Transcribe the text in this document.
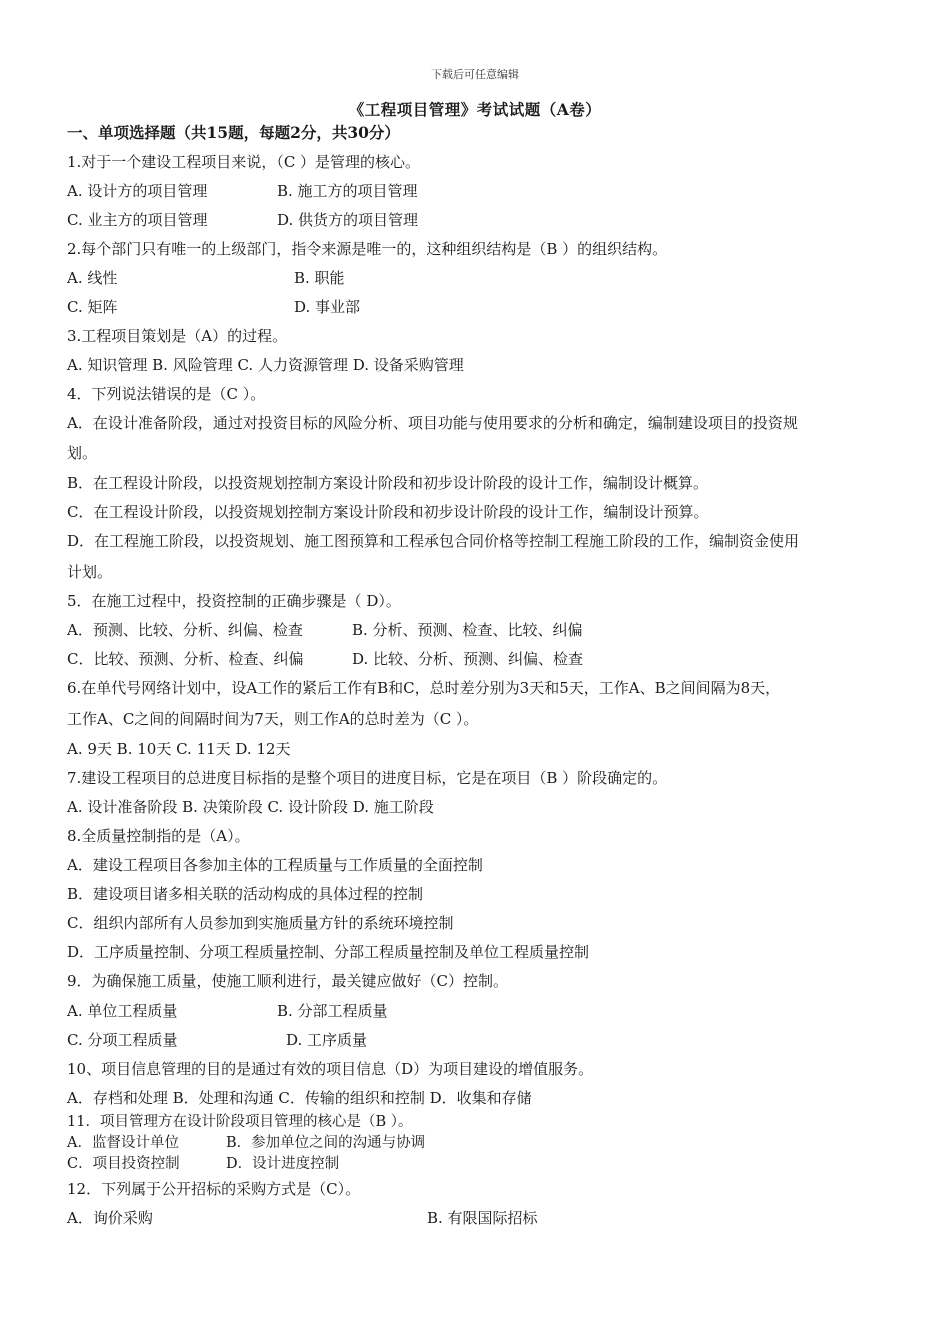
下载后可任意编辑
《工程项目管理》考试试题（A卷）
一、单项选择题（共15题，每题2分，共30分）
1.对于一个建设工程项目来说，（C ）是管理的核心。
A. 设计方的项目管理	B. 施工方的项目管理
C. 业主方的项目管理	D. 供货方的项目管理
2.每个部门只有唯一的上级部门，指令来源是唯一的，这种组织结构是（B ）的组织结构。
A. 线性	B. 职能
C. 矩阵	D. 事业部
3.工程项目策划是（A）的过程。
A. 知识管理 B. 风险管理 C. 人力资源管理 D. 设备采购管理
4．下列说法错误的是（C ）。
A．在设计准备阶段，通过对投资目标的风险分析、项目功能与使用要求的分析和确定，编制建设项目的投资规
划。
B．在工程设计阶段，以投资规划控制方案设计阶段和初步设计阶段的设计工作，编制设计概算。
C．在工程设计阶段，以投资规划控制方案设计阶段和初步设计阶段的设计工作，编制设计预算。
D．在工程施工阶段，以投资规划、施工图预算和工程承包合同价格等控制工程施工阶段的工作，编制资金使用
计划。
5．在施工过程中，投资控制的正确步骤是（ D）。
A．预测、比较、分析、纠偏、检查	B. 分析、预测、检查、比较、纠偏
C．比较、预测、分析、检查、纠偏	D. 比较、分析、预测、纠偏、检查
6.在单代号网络计划中，设A工作的紧后工作有B和C，总时差分别为3天和5天，工作A、B之间间隔为8天，
工作A、C之间的间隔时间为7天，则工作A的总时差为（C ）。
A. 9天 B. 10天 C. 11天 D. 12天
7.建设工程项目的总进度目标指的是整个项目的进度目标，它是在项目（B ）阶段确定的。
A. 设计准备阶段 B. 决策阶段 C. 设计阶段 D. 施工阶段
8.全质量控制指的是（A）。
A．建设工程项目各参加主体的工程质量与工作质量的全面控制
B．建设项目诸多相关联的活动构成的具体过程的控制
C．组织内部所有人员参加到实施质量方针的系统环境控制
D．工序质量控制、分项工程质量控制、分部工程质量控制及单位工程质量控制
9．为确保施工质量，使施工顺利进行，最关键应做好（C）控制。
A. 单位工程质量	B. 分部工程质量
C. 分项工程质量	D. 工序质量
10、项目信息管理的目的是通过有效的项目信息（D）为项目建设的增值服务。
A．存档和处理 B．处理和沟通 C．传输的组织和控制 D．收集和存储
11．项目管理方在设计阶段项目管理的核心是（B ）。
A．监督设计单位	B．参加单位之间的沟通与协调
C．项目投资控制	D．设计进度控制
12．下列属于公开招标的采购方式是（C）。
A．询价采购	B. 有限国际招标
